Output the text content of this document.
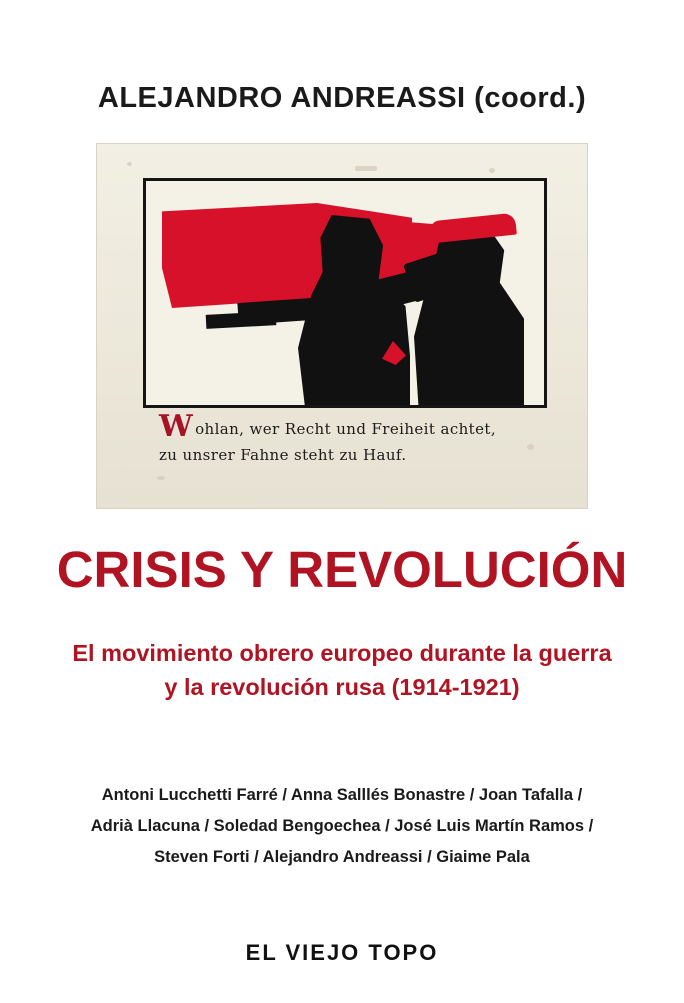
ALEJANDRO ANDREASSI (coord.)
W ohlan, wer Recht und Freiheit achtet,
zu unsrer Fahne steht zu Hauf.
CRISIS Y REVOLUCIÓN
El movimiento obrero europeo durante la guerra
y la revolución rusa (1914-1921)
Antoni Lucchetti Farré / Anna Salllés Bonastre / Joan Tafalla /
Adrià Llacuna / Soledad Bengoechea / José Luis Martín Ramos /
Steven Forti / Alejandro Andreassi / Giaime Pala
EL VIEJO TOPO
